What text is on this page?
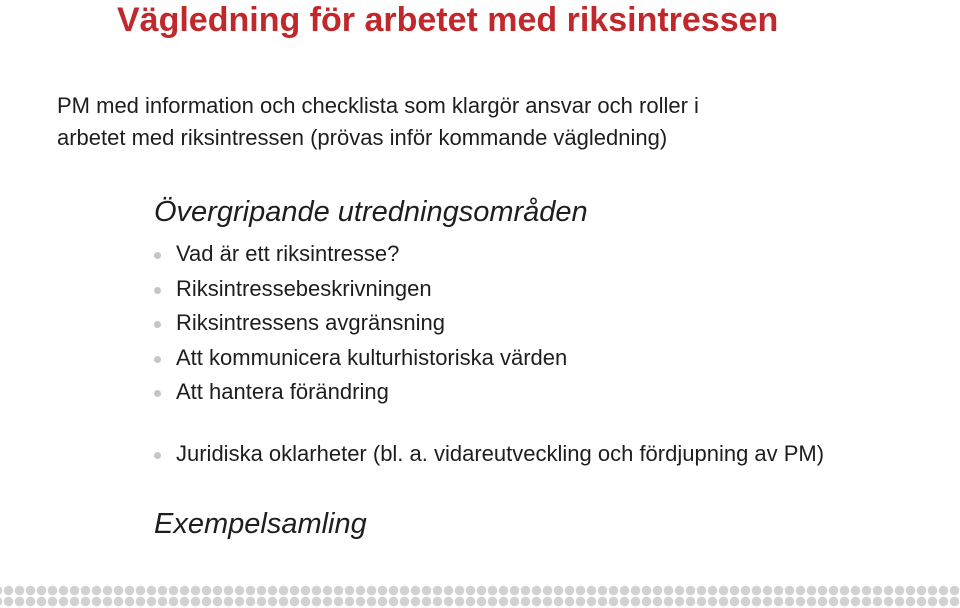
Vägledning för arbetet med riksintressen
PM med information och checklista som klargör ansvar och roller i
arbetet med riksintressen (prövas inför kommande vägledning)
Övergripande utredningsområden
Vad är ett riksintresse?
Riksintressebeskrivningen
Riksintressens avgränsning
Att kommunicera kulturhistoriska värden
Att hantera förändring
Juridiska oklarheter (bl. a. vidareutveckling och fördjupning av PM)
Exempelsamling
